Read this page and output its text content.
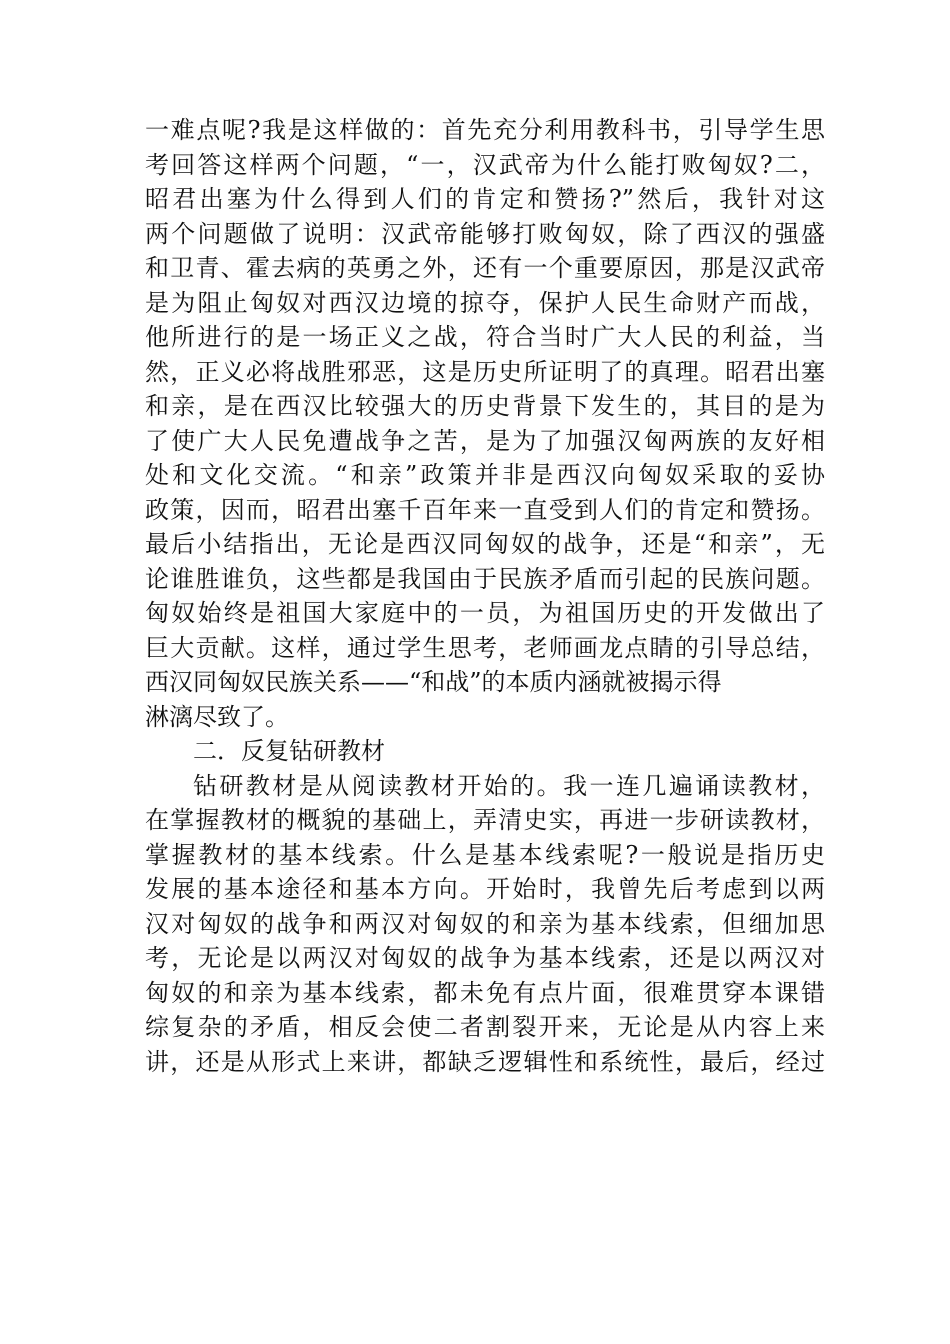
一难点呢?我是这样做的：首先充分利用教科书，引导学生思
考回答这样两个问题，“一，汉武帝为什么能打败匈奴?二，
昭君出塞为什么得到人们的肯定和赞扬?”然后，我针对这
两个问题做了说明：汉武帝能够打败匈奴，除了西汉的强盛
和卫青、霍去病的英勇之外，还有一个重要原因，那是汉武帝
是为阻止匈奴对西汉边境的掠夺，保护人民生命财产而战，
他所进行的是一场正义之战，符合当时广大人民的利益，当
然，正义必将战胜邪恶，这是历史所证明了的真理。昭君出塞
和亲，是在西汉比较强大的历史背景下发生的，其目的是为
了使广大人民免遭战争之苦，是为了加强汉匈两族的友好相
处和文化交流。“和亲”政策并非是西汉向匈奴采取的妥协
政策，因而，昭君出塞千百年来一直受到人们的肯定和赞扬。
最后小结指出，无论是西汉同匈奴的战争，还是“和亲”，无
论谁胜谁负，这些都是我国由于民族矛盾而引起的民族问题。
匈奴始终是祖国大家庭中的一员，为祖国历史的开发做出了
巨大贡献。这样，通过学生思考，老师画龙点睛的引导总结，
西汉同匈奴民族关系——“和战”的本质内涵就被揭示得
淋漓尽致了。
二．反复钻研教材
钻研教材是从阅读教材开始的。我一连几遍诵读教材，
在掌握教材的概貌的基础上，弄清史实，再进一步研读教材，
掌握教材的基本线索。什么是基本线索呢?一般说是指历史
发展的基本途径和基本方向。开始时，我曾先后考虑到以两
汉对匈奴的战争和两汉对匈奴的和亲为基本线索，但细加思
考，无论是以两汉对匈奴的战争为基本线索，还是以两汉对
匈奴的和亲为基本线索，都未免有点片面，很难贯穿本课错
综复杂的矛盾，相反会使二者割裂开来，无论是从内容上来
讲，还是从形式上来讲，都缺乏逻辑性和系统性，最后，经过
